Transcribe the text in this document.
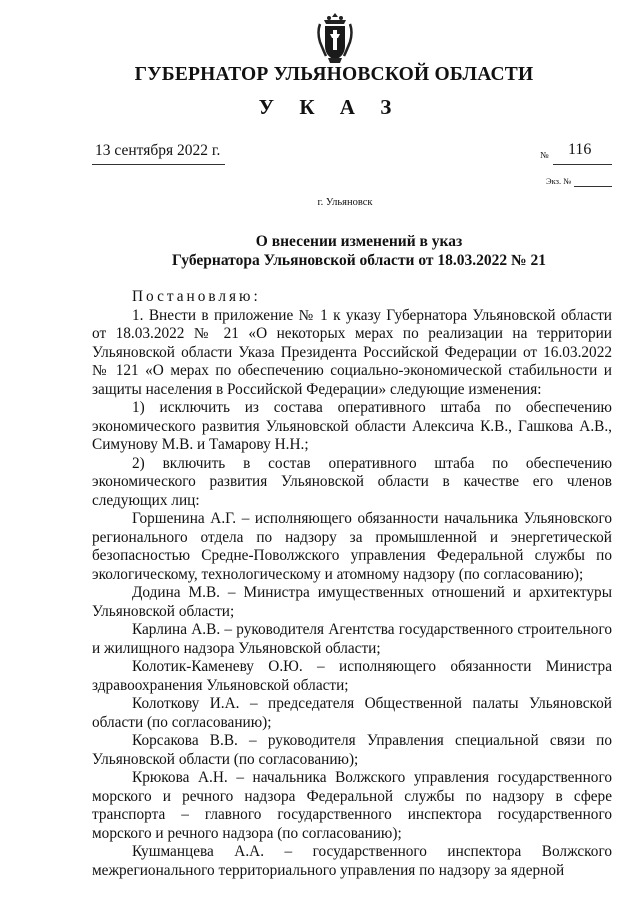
ГУБЕРНАТОР УЛЬЯНОВСКОЙ ОБЛАСТИ
У К А З
13 сентября 2022 г.	№ 116
Экз. №
г. Ульяновск
О внесении изменений в указ
Губернатора Ульяновской области от 18.03.2022 № 21

Постановляю:

1. Внести в приложение № 1 к указу Губернатора Ульяновской области от 18.03.2022 № 21 «О некоторых мерах по реализации на территории Ульяновской области Указа Президента Российской Федерации от 16.03.2022 № 121 «О мерах по обеспечению социально-экономической стабильности и защиты населения в Российской Федерации» следующие изменения:

1) исключить из состава оперативного штаба по обеспечению экономического развития Ульяновской области Алексича К.В., Гашкова А.В., Симунову М.В. и Тамарову Н.Н.;

2) включить в состав оперативного штаба по обеспечению экономического развития Ульяновской области в качестве его членов следующих лиц:

Горшенина А.Г. – исполняющего обязанности начальника Ульяновского регионального отдела по надзору за промышленной и энергетической безопасностью Средне-Поволжского управления Федеральной службы по экологическому, технологическому и атомному надзору (по согласованию);

Додина М.В. – Министра имущественных отношений и архитектуры Ульяновской области;

Карлина А.В. – руководителя Агентства государственного строительного и жилищного надзора Ульяновской области;

Колотик-Каменеву О.Ю. – исполняющего обязанности Министра здравоохранения Ульяновской области;

Колоткову И.А. – председателя Общественной палаты Ульяновской области (по согласованию);

Корсакова В.В. – руководителя Управления специальной связи по Ульяновской области (по согласованию);

Крюкова А.Н. – начальника Волжского управления государственного морского и речного надзора Федеральной службы по надзору в сфере транспорта – главного государственного инспектора государственного морского и речного надзора (по согласованию);

Кушманцева А.А. – государственного инспектора Волжского межрегионального территориального управления по надзору за ядерной
